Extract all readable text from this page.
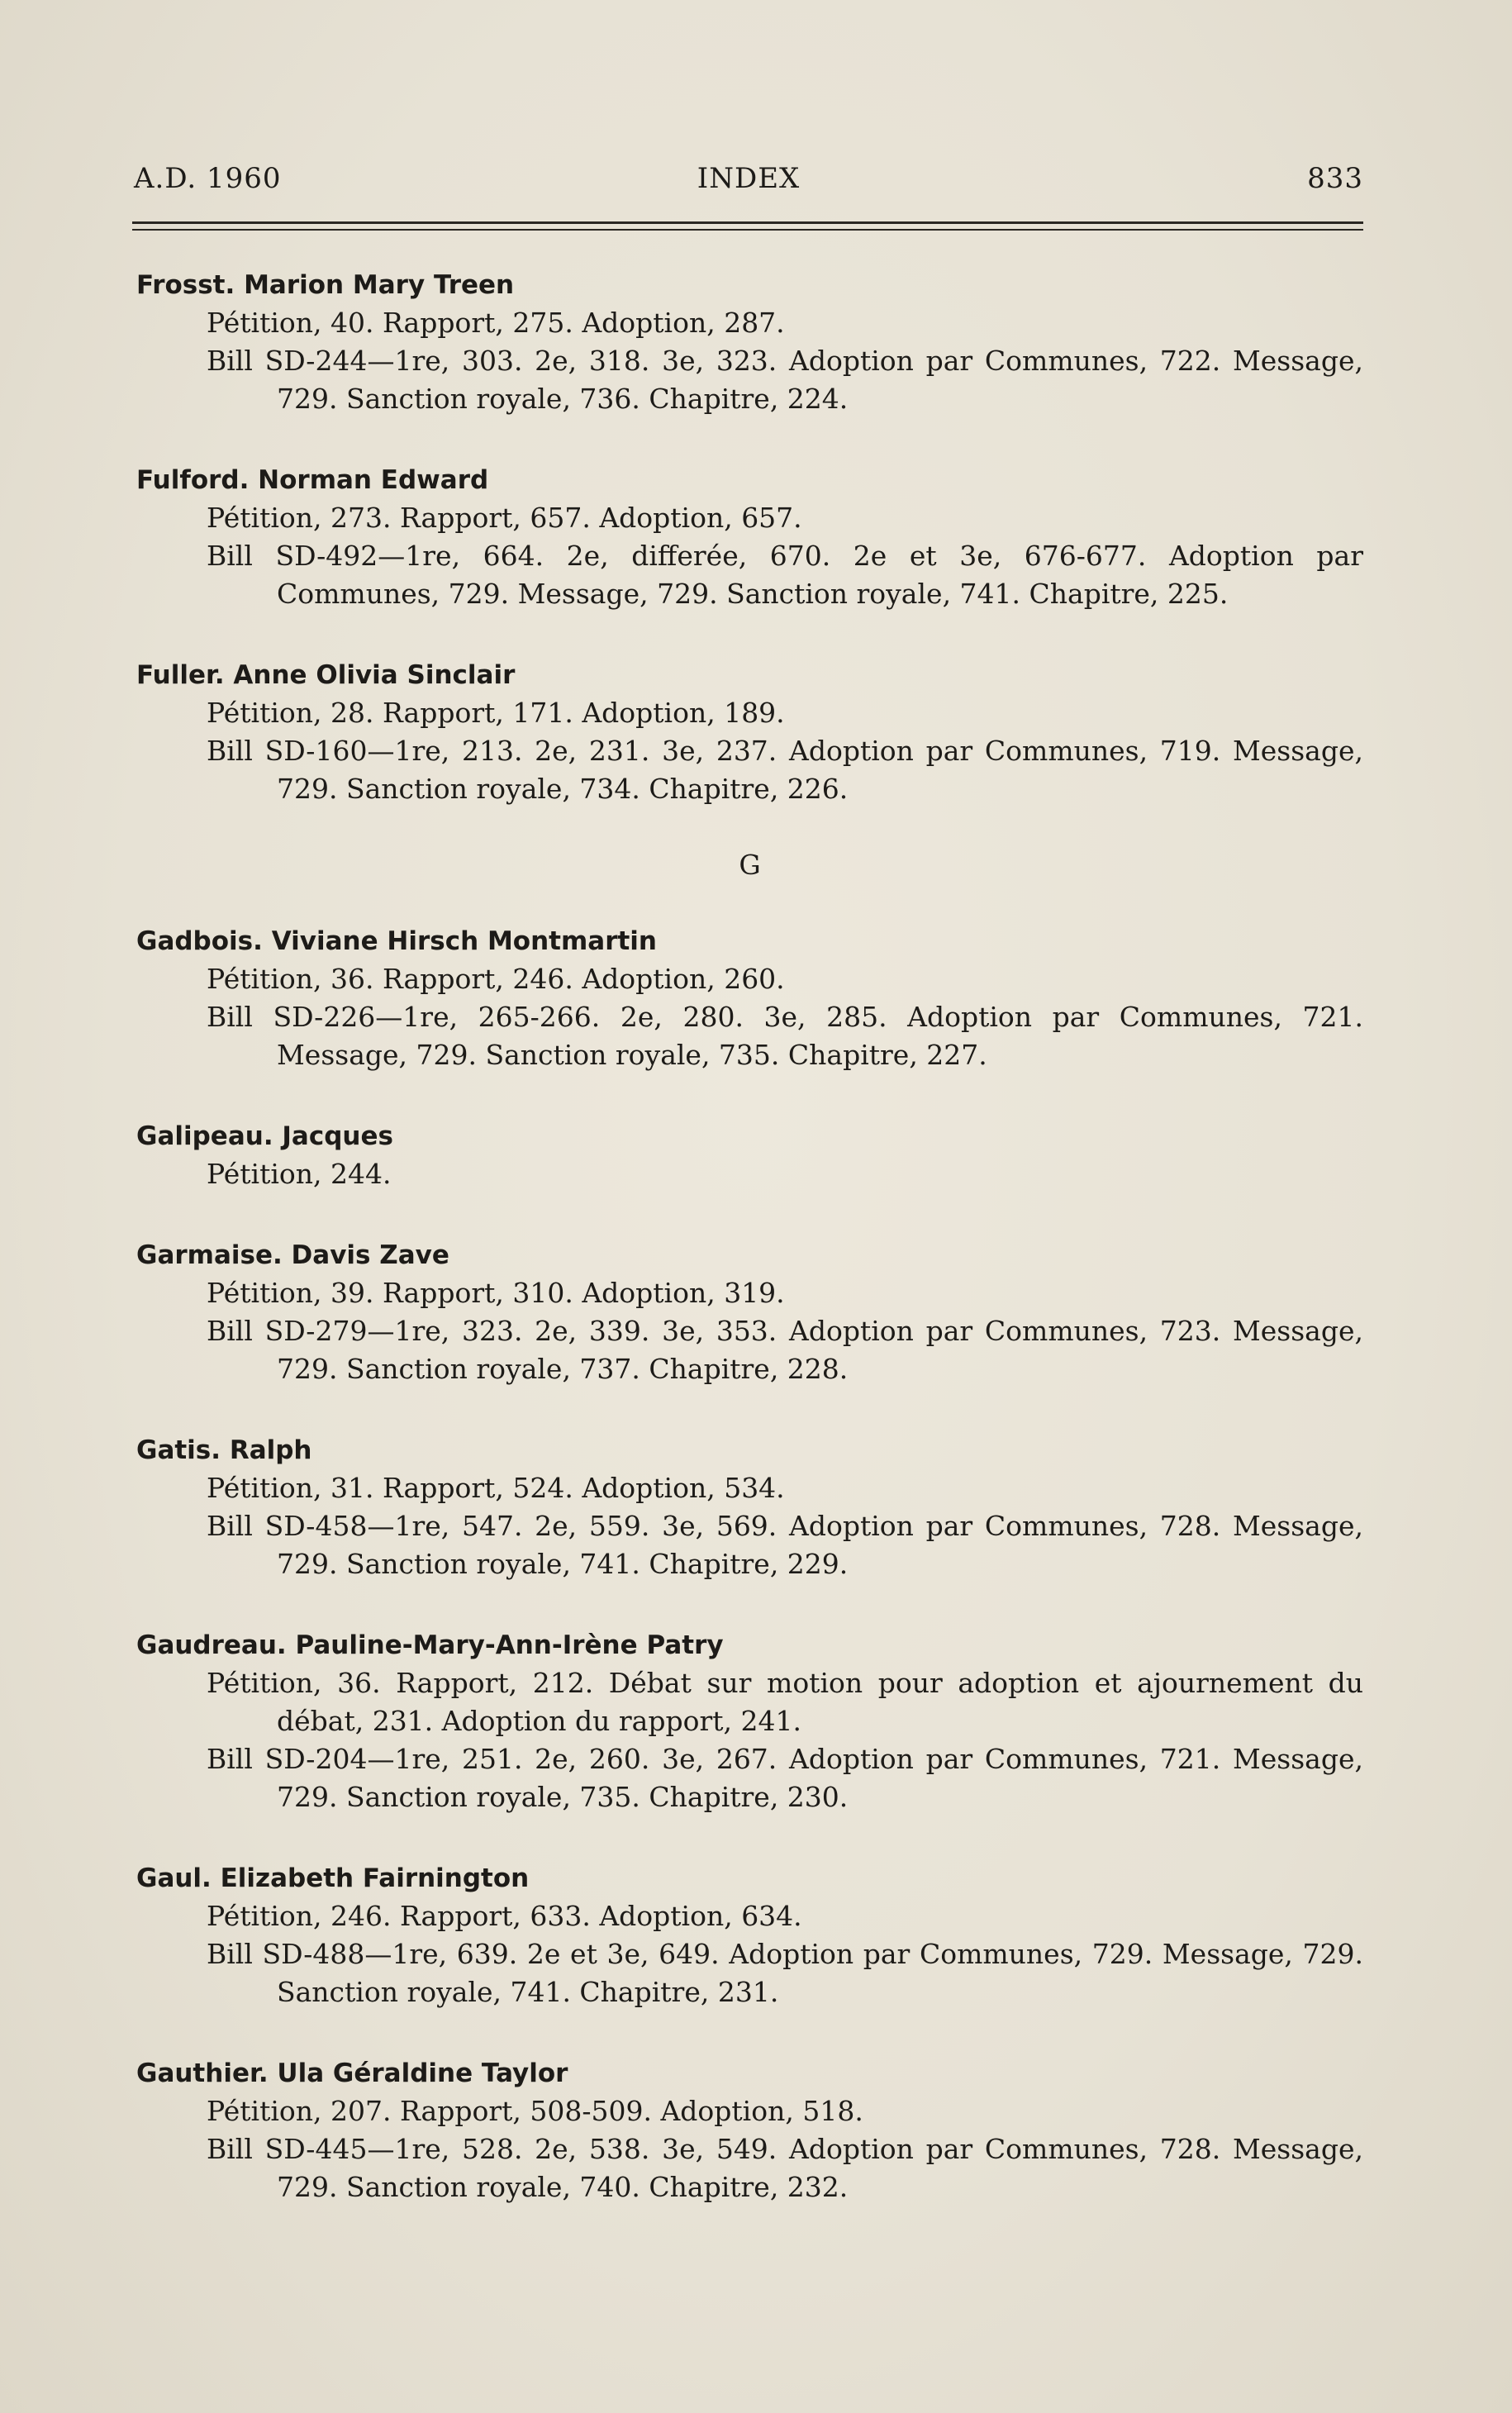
A.D. 1960	INDEX	833
Frosst. Marion Mary Treen
Pétition, 40. Rapport, 275. Adoption, 287.
Bill SD-244—1re, 303. 2e, 318. 3e, 323. Adoption par Communes, 722. Message, 729. Sanction royale, 736. Chapitre, 224.
Fulford. Norman Edward
Pétition, 273. Rapport, 657. Adoption, 657.
Bill SD-492—1re, 664. 2e, differée, 670. 2e et 3e, 676-677. Adoption par Communes, 729. Message, 729. Sanction royale, 741. Chapitre, 225.
Fuller. Anne Olivia Sinclair
Pétition, 28. Rapport, 171. Adoption, 189.
Bill SD-160—1re, 213. 2e, 231. 3e, 237. Adoption par Communes, 719. Message, 729. Sanction royale, 734. Chapitre, 226.
G
Gadbois. Viviane Hirsch Montmartin
Pétition, 36. Rapport, 246. Adoption, 260.
Bill SD-226—1re, 265-266. 2e, 280. 3e, 285. Adoption par Communes, 721. Message, 729. Sanction royale, 735. Chapitre, 227.
Galipeau. Jacques
Pétition, 244.
Garmaise. Davis Zave
Pétition, 39. Rapport, 310. Adoption, 319.
Bill SD-279—1re, 323. 2e, 339. 3e, 353. Adoption par Communes, 723. Message, 729. Sanction royale, 737. Chapitre, 228.
Gatis. Ralph
Pétition, 31. Rapport, 524. Adoption, 534.
Bill SD-458—1re, 547. 2e, 559. 3e, 569. Adoption par Communes, 728. Message, 729. Sanction royale, 741. Chapitre, 229.
Gaudreau. Pauline-Mary-Ann-Irène Patry
Pétition, 36. Rapport, 212. Débat sur motion pour adoption et ajournement du débat, 231. Adoption du rapport, 241.
Bill SD-204—1re, 251. 2e, 260. 3e, 267. Adoption par Communes, 721. Message, 729. Sanction royale, 735. Chapitre, 230.
Gaul. Elizabeth Fairnington
Pétition, 246. Rapport, 633. Adoption, 634.
Bill SD-488—1re, 639. 2e et 3e, 649. Adoption par Communes, 729. Message, 729. Sanction royale, 741. Chapitre, 231.
Gauthier. Ula Géraldine Taylor
Pétition, 207. Rapport, 508-509. Adoption, 518.
Bill SD-445—1re, 528. 2e, 538. 3e, 549. Adoption par Communes, 728. Message, 729. Sanction royale, 740. Chapitre, 232.
